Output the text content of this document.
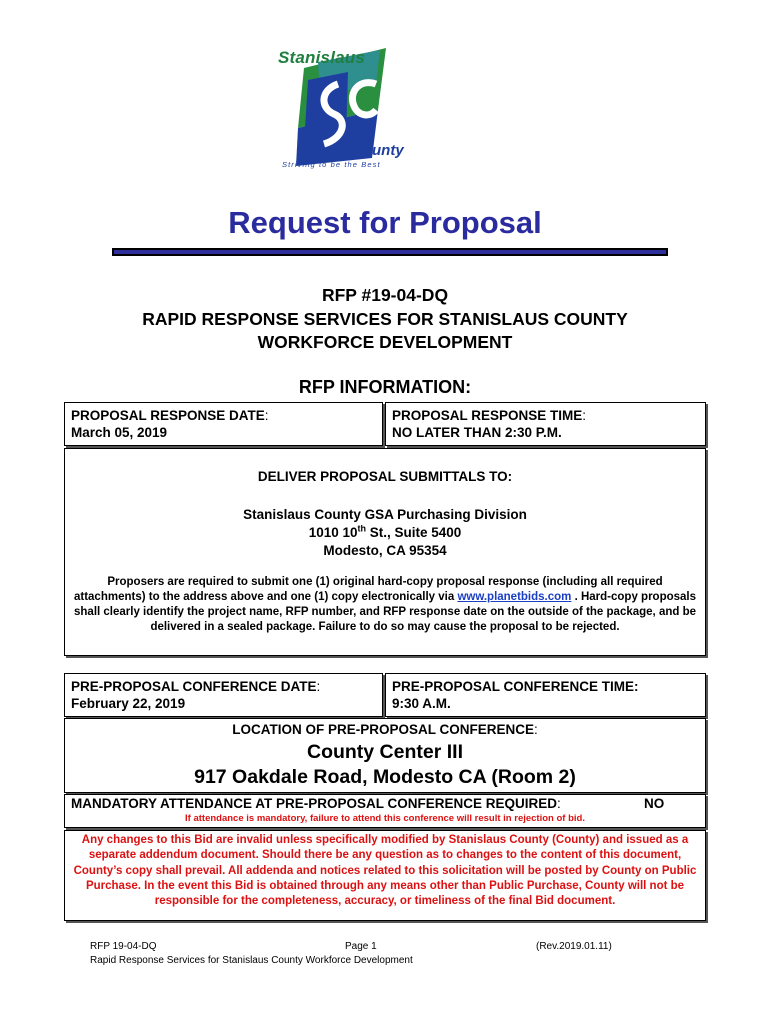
Stanislaus
County
Striving to be the Best
Request for Proposal
RFP #19-04-DQ
RAPID RESPONSE SERVICES FOR STANISLAUS COUNTY
WORKFORCE DEVELOPMENT
RFP INFORMATION:
PROPOSAL RESPONSE DATE:
March 05, 2019
PROPOSAL RESPONSE TIME:
NO LATER THAN 2:30 P.M.
DELIVER PROPOSAL SUBMITTALS TO:
Stanislaus County GSA Purchasing Division
1010 10th St., Suite 5400
Modesto, CA 95354
Proposers are required to submit one (1) original hard-copy proposal response (including all required attachments) to the address above and one (1) copy electronically via www.planetbids.com . Hard-copy proposals shall clearly identify the project name, RFP number, and RFP response date on the outside of the package, and be delivered in a sealed package. Failure to do so may cause the proposal to be rejected.
PRE-PROPOSAL CONFERENCE DATE:
February 22, 2019
PRE-PROPOSAL CONFERENCE TIME:
9:30 A.M.
LOCATION OF PRE-PROPOSAL CONFERENCE:
County Center III
917 Oakdale Road, Modesto CA (Room 2)
MANDATORY ATTENDANCE AT PRE-PROPOSAL CONFERENCE REQUIRED:	NO
If attendance is mandatory, failure to attend this conference will result in rejection of bid.
Any changes to this Bid are invalid unless specifically modified by Stanislaus County (County) and issued as a separate addendum document. Should there be any question as to changes to the content of this document, County’s copy shall prevail. All addenda and notices related to this solicitation will be posted by County on Public Purchase. In the event this Bid is obtained through any means other than Public Purchase, County will not be responsible for the completeness, accuracy, or timeliness of the final Bid document.
RFP 19-04-DQ	Page 1	(Rev.2019.01.11)
Rapid Response Services for Stanislaus County Workforce Development
